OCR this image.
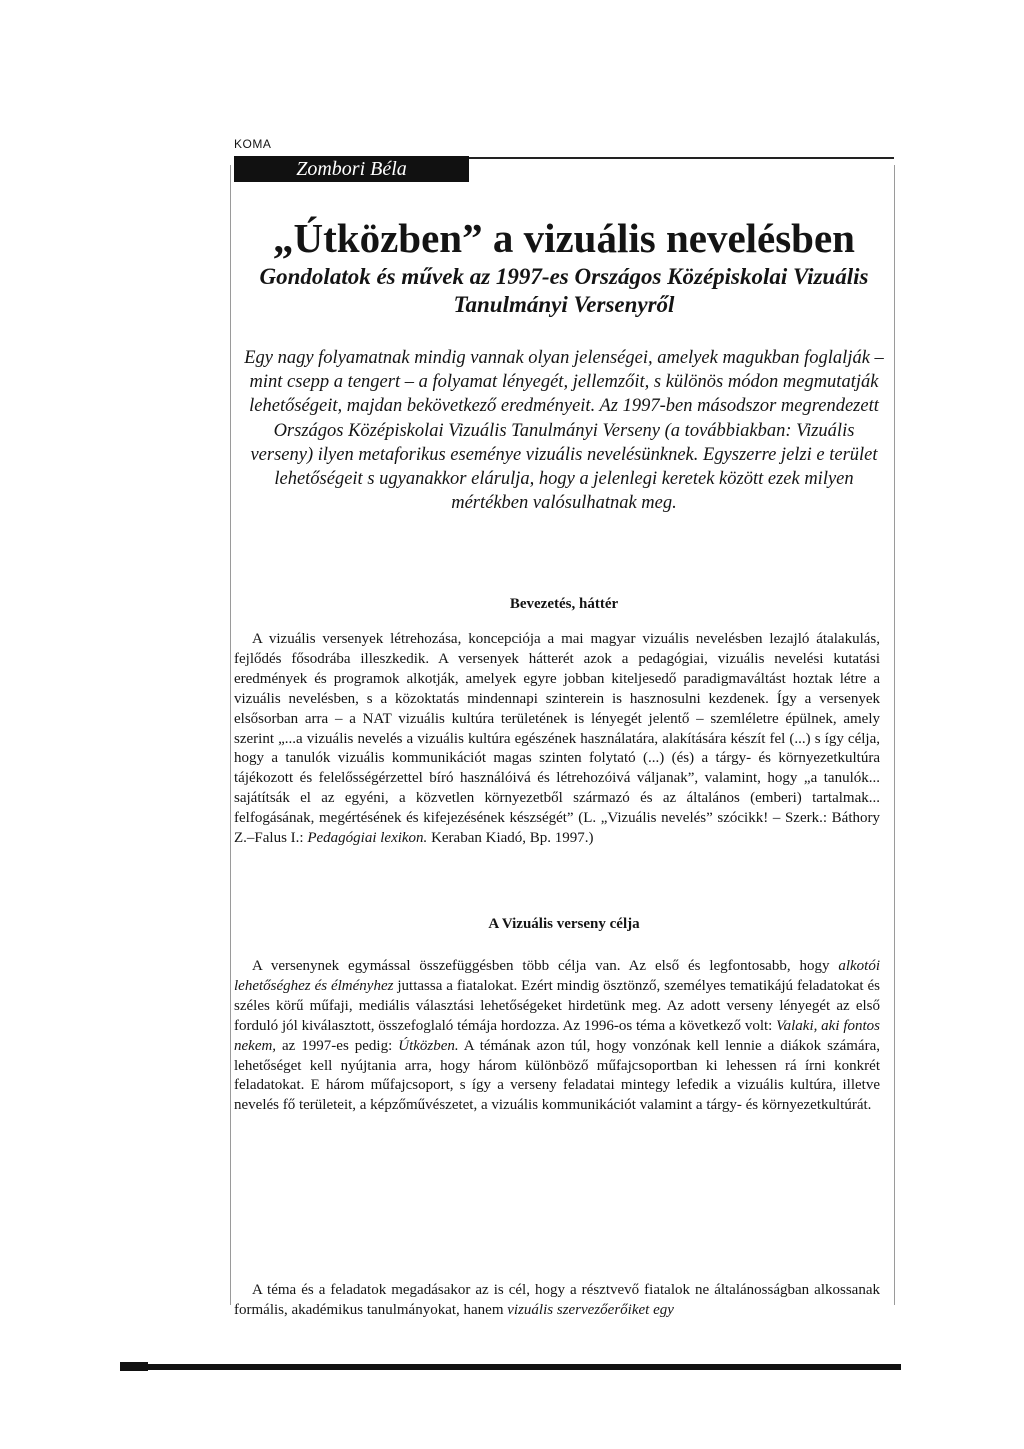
KOMA
Zombori Béla
„Útközben” a vizuális nevelésben
Gondolatok és művek az 1997-es Országos Középiskolai Vizuális Tanulmányi Versenyről

Egy nagy folyamatnak mindig vannak olyan jelenségei, amelyek magukban foglalják – mint csepp a tengert – a folyamat lényegét, jellemzőit, s különös módon megmutatják lehetőségeit, majdan bekövetkező eredményeit. Az 1997-ben másodszor megrendezett Országos Középiskolai Vizuális Tanulmányi Verseny (a továbbiakban: Vizuális verseny) ilyen metaforikus eseménye vizuális nevelésünknek. Egyszerre jelzi e terület lehetőségeit s ugyanakkor elárulja, hogy a jelenlegi keretek között ezek milyen mértékben valósulhatnak meg.

Bevezetés, háttér

A vizuális versenyek létrehozása, koncepciója a mai magyar vizuális nevelésben lezajló átalakulás, fejlődés fősodrába illeszkedik. A versenyek hátterét azok a pedagógiai, vizuális nevelési kutatási eredmények és programok alkotják, amelyek egyre jobban kiteljesedő paradigmaváltást hoztak létre a vizuális nevelésben, s a közoktatás mindennapi szinterein is hasznosulni kezdenek. Így a versenyek elsősorban arra – a NAT vizuális kultúra területének is lényegét jelentő – szemléletre épülnek, amely szerint „...a vizuális nevelés a vizuális kultúra egészének használatára, alakítására készít fel (...) s így célja, hogy a tanulók vizuális kommunikációt magas szinten folytató (...) (és) a tárgy- és környezetkultúra tájékozott és felelősségérzettel bíró használóivá és létrehozóivá váljanak”, valamint, hogy „a tanulók... sajátítsák el az egyéni, a közvetlen környezetből származó és az általános (emberi) tartalmak... felfogásának, megértésének és kifejezésének készségét” (L. „Vizuális nevelés” szócikk! – Szerk.: Báthory Z.–Falus I.: Pedagógiai lexikon. Keraban Kiadó, Bp. 1997.)

A Vizuális verseny célja

A versenynek egymással összefüggésben több célja van. Az első és legfontosabb, hogy alkotói lehetőséghez és élményhez juttassa a fiatalokat. Ezért mindig ösztönző, személyes tematikájú feladatokat és széles körű műfaji, mediális választási lehetőségeket hirdetünk meg. Az adott verseny lényegét az első forduló jól kiválasztott, összefoglaló témája hordozza. Az 1996-os téma a következő volt: Valaki, aki fontos nekem, az 1997-es pedig: Útközben. A témának azon túl, hogy vonzónak kell lennie a diákok számára, lehetőséget kell nyújtania arra, hogy három különböző műfajcsoportban ki lehessen rá írni konkrét feladatokat. E három műfajcsoport, s így a verseny feladatai mintegy lefedik a vizuális kultúra, illetve nevelés fő területeit, a képzőművészetet, a vizuális kommunikációt valamint a tárgy- és környezetkultúrát.

A téma és a feladatok megadásakor az is cél, hogy a résztvevő fiatalok ne általánosságban alkossanak formális, akadémikus tanulmányokat, hanem vizuális szervezőerőiket egy
